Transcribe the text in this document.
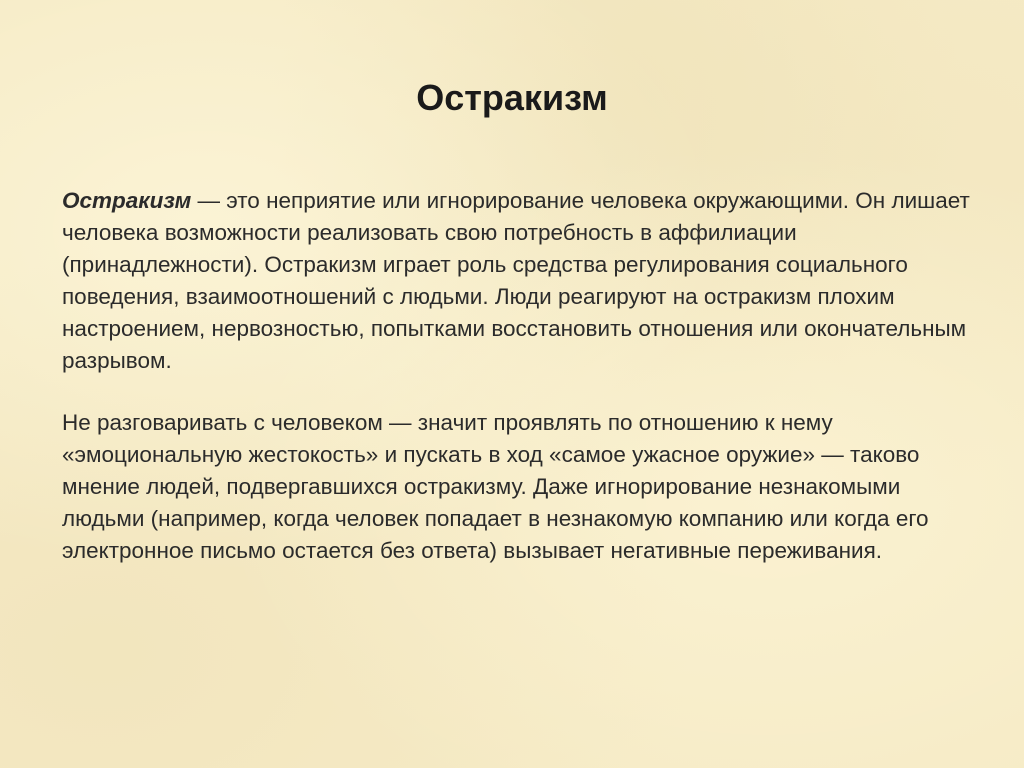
Остракизм

Остракизм — это неприятие или игнорирование человека окружающими. Он лишает человека возможности реализовать свою потребность в аффилиации (принадлежности). Остракизм играет роль средства регулирования социального поведения, взаимоотношений с людьми. Люди реагируют на остракизм плохим настроением, нервозностью, попытками восстановить отношения или окончательным разрывом.

Не разговаривать с человеком — значит проявлять по отношению к нему «эмоциональную жестокость» и пускать в ход «самое ужасное оружие» — таково мнение людей, подвергавшихся остракизму. Даже игнорирование незнакомыми людьми (например, когда человек попадает в незнакомую компанию или когда его электронное письмо остается без ответа) вызывает негативные переживания.
